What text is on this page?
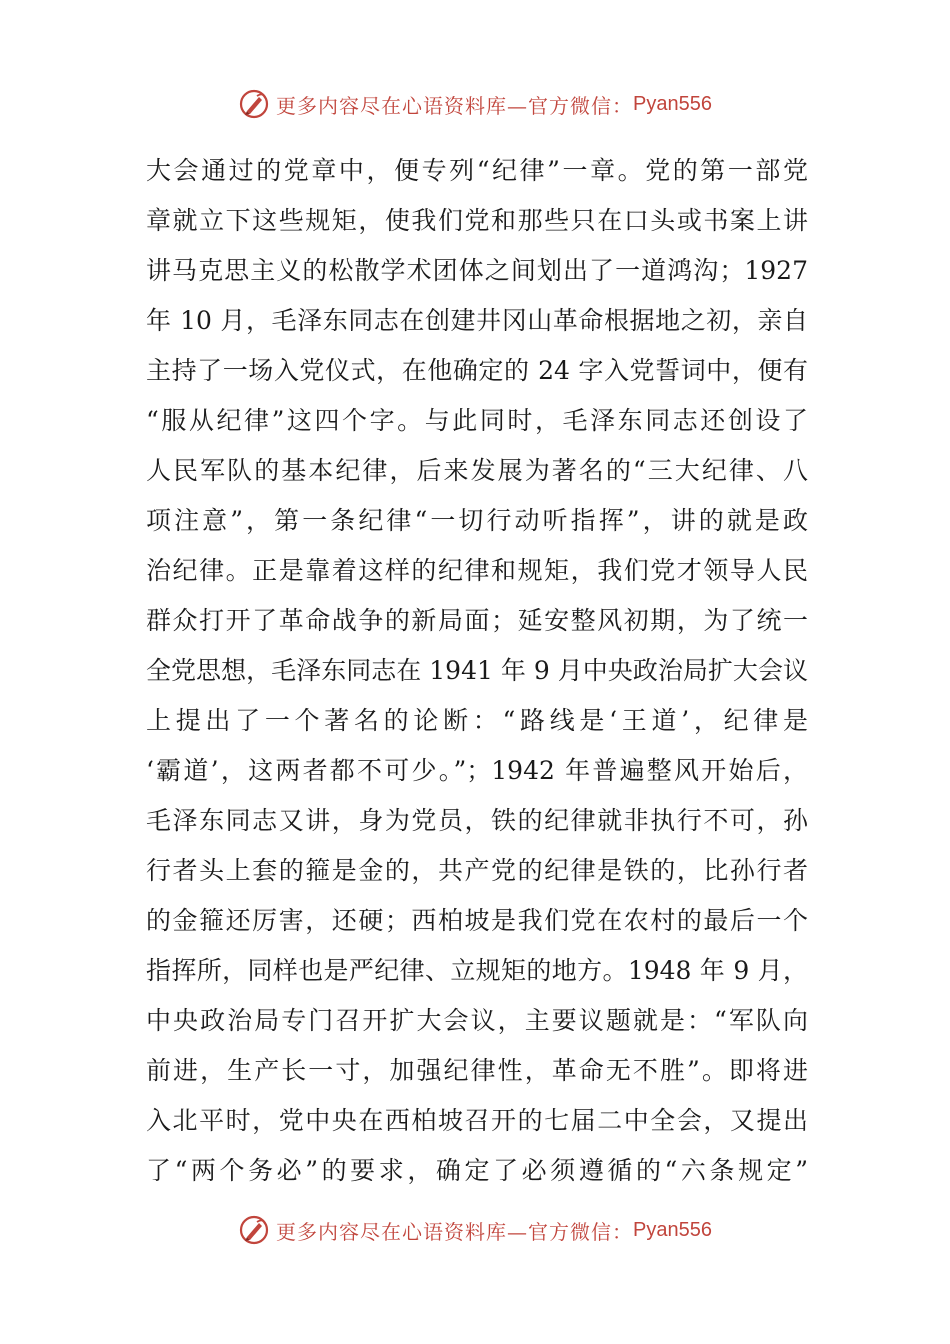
更多内容尽在心语资料库—官方微信： Pyan556
大会通过的党章中，便专列“纪律”一章。党的第一部党
章就立下这些规矩，使我们党和那些只在口头或书案上讲
讲马克思主义的松散学术团体之间划出了一道鸿沟；1927
年 10 月，毛泽东同志在创建井冈山革命根据地之初，亲自
主持了一场入党仪式，在他确定的 24 字入党誓词中，便有
“服从纪律”这四个字。与此同时，毛泽东同志还创设了
人民军队的基本纪律，后来发展为著名的“三大纪律、八
项注意”，第一条纪律“一切行动听指挥”，讲的就是政
治纪律。正是靠着这样的纪律和规矩，我们党才领导人民
群众打开了革命战争的新局面；延安整风初期，为了统一
全党思想，毛泽东同志在 1941 年 9 月中央政治局扩大会议
上提出了一个著名的论断：“路线是‘王道’，纪律是
‘霸道’，这两者都不可少。”；1942 年普遍整风开始后，
毛泽东同志又讲，身为党员，铁的纪律就非执行不可，孙
行者头上套的箍是金的，共产党的纪律是铁的，比孙行者
的金箍还厉害，还硬；西柏坡是我们党在农村的最后一个
指挥所，同样也是严纪律、立规矩的地方。1948 年 9 月，
中央政治局专门召开扩大会议，主要议题就是：“军队向
前进，生产长一寸，加强纪律性，革命无不胜”。即将进
入北平时，党中央在西柏坡召开的七届二中全会，又提出
了“两个务必”的要求，确定了必须遵循的“六条规定”
更多内容尽在心语资料库—官方微信： Pyan556
